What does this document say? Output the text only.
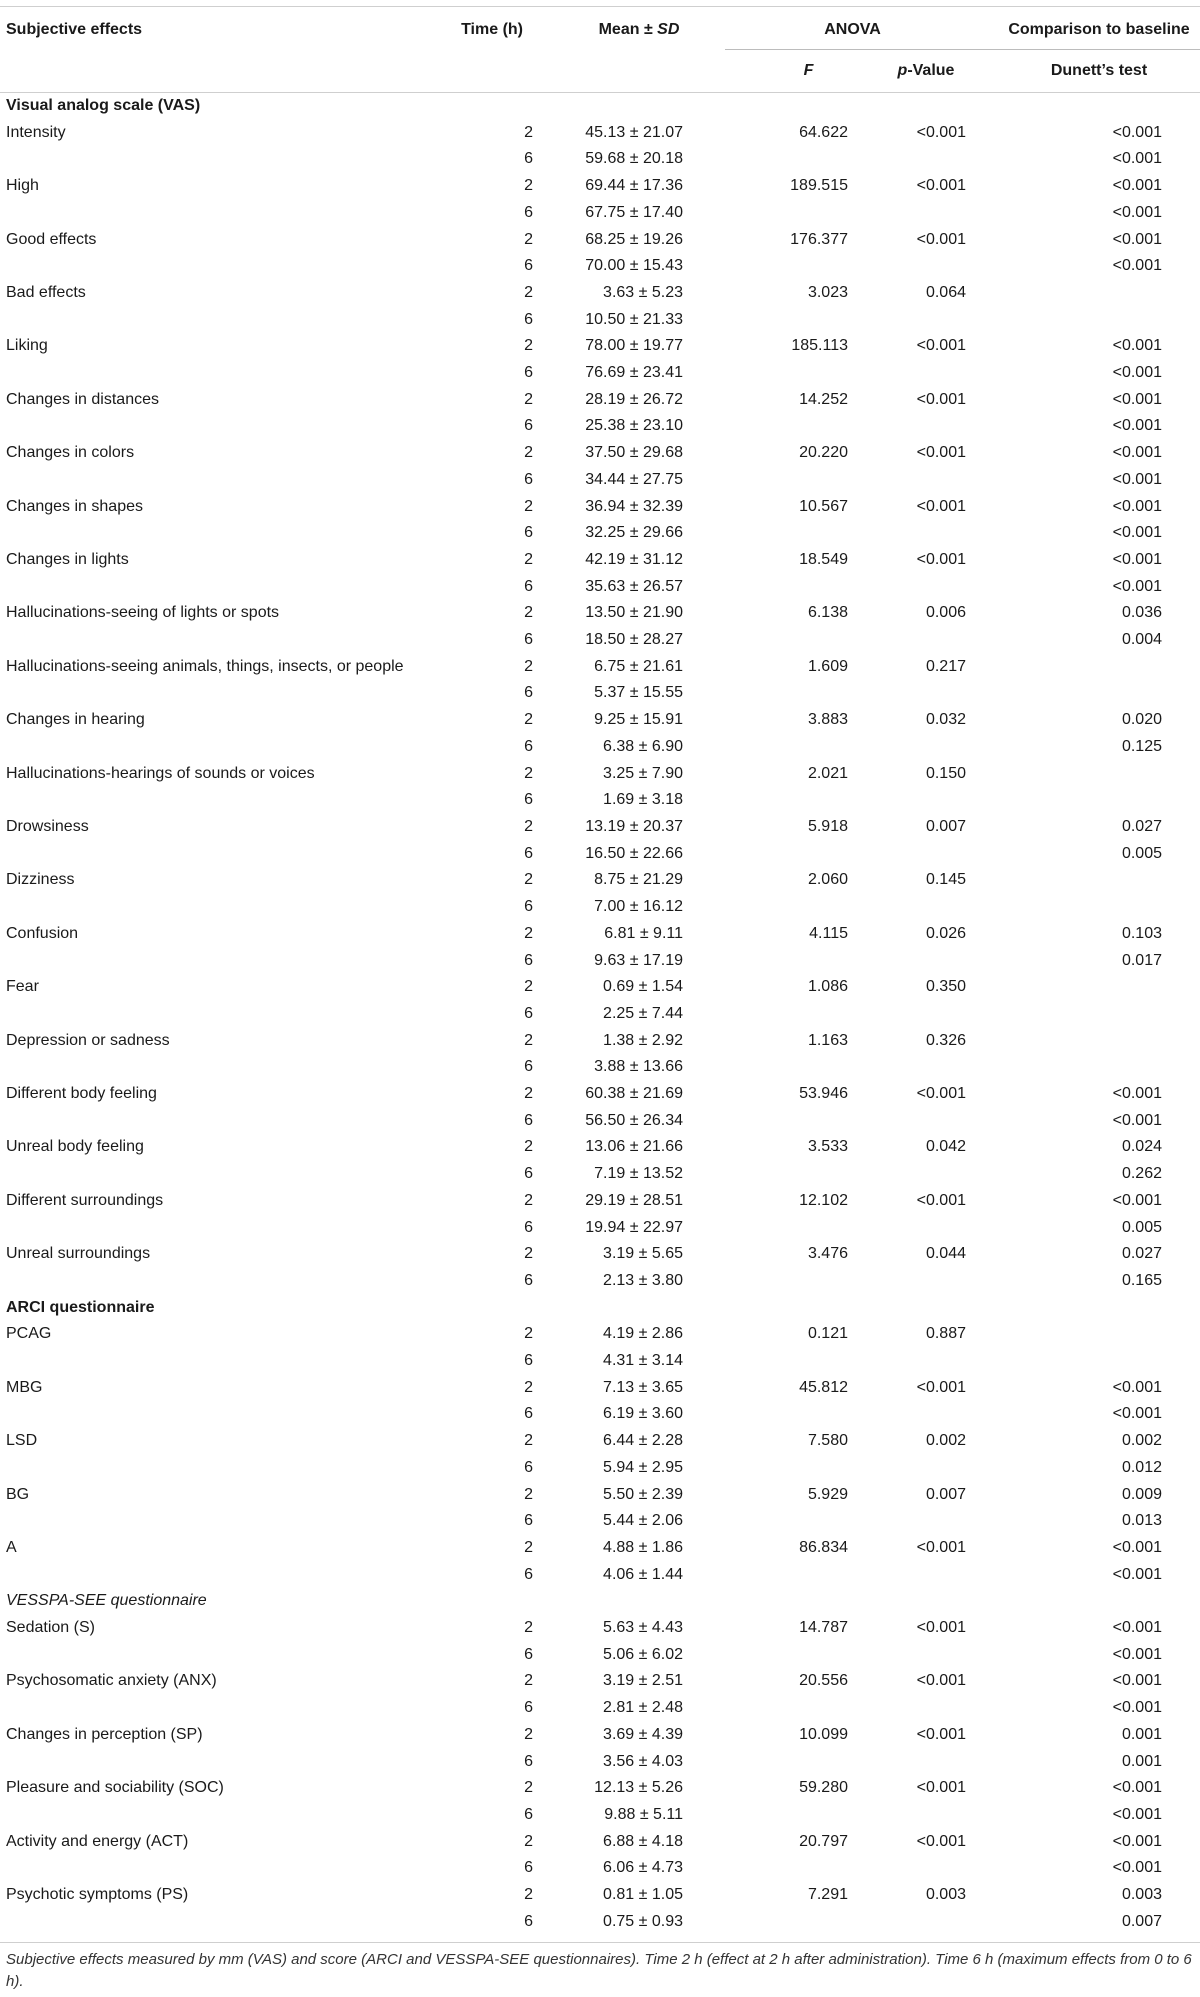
Subjective effects	Time (h)	Mean ± SD	ANOVA		Comparison to baseline
			F	p-Value	Dunett’s test
Visual analog scale (VAS)					
Intensity	2	45.13 ± 21.07	64.622	<0.001	<0.001
	6	59.68 ± 20.18			<0.001
High	2	69.44 ± 17.36	189.515	<0.001	<0.001
	6	67.75 ± 17.40			<0.001
Good effects	2	68.25 ± 19.26	176.377	<0.001	<0.001
	6	70.00 ± 15.43			<0.001
Bad effects	2	3.63 ± 5.23	3.023	0.064	
	6	10.50 ± 21.33			
Liking	2	78.00 ± 19.77	185.113	<0.001	<0.001
	6	76.69 ± 23.41			<0.001
Changes in distances	2	28.19 ± 26.72	14.252	<0.001	<0.001
	6	25.38 ± 23.10			<0.001
Changes in colors	2	37.50 ± 29.68	20.220	<0.001	<0.001
	6	34.44 ± 27.75			<0.001
Changes in shapes	2	36.94 ± 32.39	10.567	<0.001	<0.001
	6	32.25 ± 29.66			<0.001
Changes in lights	2	42.19 ± 31.12	18.549	<0.001	<0.001
	6	35.63 ± 26.57			<0.001
Hallucinations-seeing of lights or spots	2	13.50 ± 21.90	6.138	0.006	0.036
	6	18.50 ± 28.27			0.004
Hallucinations-seeing animals, things, insects, or people	2	6.75 ± 21.61	1.609	0.217	
	6	5.37 ± 15.55			
Changes in hearing	2	9.25 ± 15.91	3.883	0.032	0.020
	6	6.38 ± 6.90			0.125
Hallucinations-hearings of sounds or voices	2	3.25 ± 7.90	2.021	0.150	
	6	1.69 ± 3.18			
Drowsiness	2	13.19 ± 20.37	5.918	0.007	0.027
	6	16.50 ± 22.66			0.005
Dizziness	2	8.75 ± 21.29	2.060	0.145	
	6	7.00 ± 16.12			
Confusion	2	6.81 ± 9.11	4.115	0.026	0.103
	6	9.63 ± 17.19			0.017
Fear	2	0.69 ± 1.54	1.086	0.350	
	6	2.25 ± 7.44			
Depression or sadness	2	1.38 ± 2.92	1.163	0.326	
	6	3.88 ± 13.66			
Different body feeling	2	60.38 ± 21.69	53.946	<0.001	<0.001
	6	56.50 ± 26.34			<0.001
Unreal body feeling	2	13.06 ± 21.66	3.533	0.042	0.024
	6	7.19 ± 13.52			0.262
Different surroundings	2	29.19 ± 28.51	12.102	<0.001	<0.001
	6	19.94 ± 22.97			0.005
Unreal surroundings	2	3.19 ± 5.65	3.476	0.044	0.027
	6	2.13 ± 3.80			0.165
ARCI questionnaire					
PCAG	2	4.19 ± 2.86	0.121	0.887	
	6	4.31 ± 3.14			
MBG	2	7.13 ± 3.65	45.812	<0.001	<0.001
	6	6.19 ± 3.60			<0.001
LSD	2	6.44 ± 2.28	7.580	0.002	0.002
	6	5.94 ± 2.95			0.012
BG	2	5.50 ± 2.39	5.929	0.007	0.009
	6	5.44 ± 2.06			0.013
A	2	4.88 ± 1.86	86.834	<0.001	<0.001
	6	4.06 ± 1.44			<0.001
VESSPA-SEE questionnaire					
Sedation (S)	2	5.63 ± 4.43	14.787	<0.001	<0.001
	6	5.06 ± 6.02			<0.001
Psychosomatic anxiety (ANX)	2	3.19 ± 2.51	20.556	<0.001	<0.001
	6	2.81 ± 2.48			<0.001
Changes in perception (SP)	2	3.69 ± 4.39	10.099	<0.001	0.001
	6	3.56 ± 4.03			0.001
Pleasure and sociability (SOC)	2	12.13 ± 5.26	59.280	<0.001	<0.001
	6	9.88 ± 5.11			<0.001
Activity and energy (ACT)	2	6.88 ± 4.18	20.797	<0.001	<0.001
	6	6.06 ± 4.73			<0.001
Psychotic symptoms (PS)	2	0.81 ± 1.05	7.291	0.003	0.003
	6	0.75 ± 0.93			0.007
Subjective effects measured by mm (VAS) and score (ARCI and VESSPA-SEE questionnaires). Time 2 h (effect at 2 h after administration). Time 6 h (maximum effects from 0 to 6 h).
